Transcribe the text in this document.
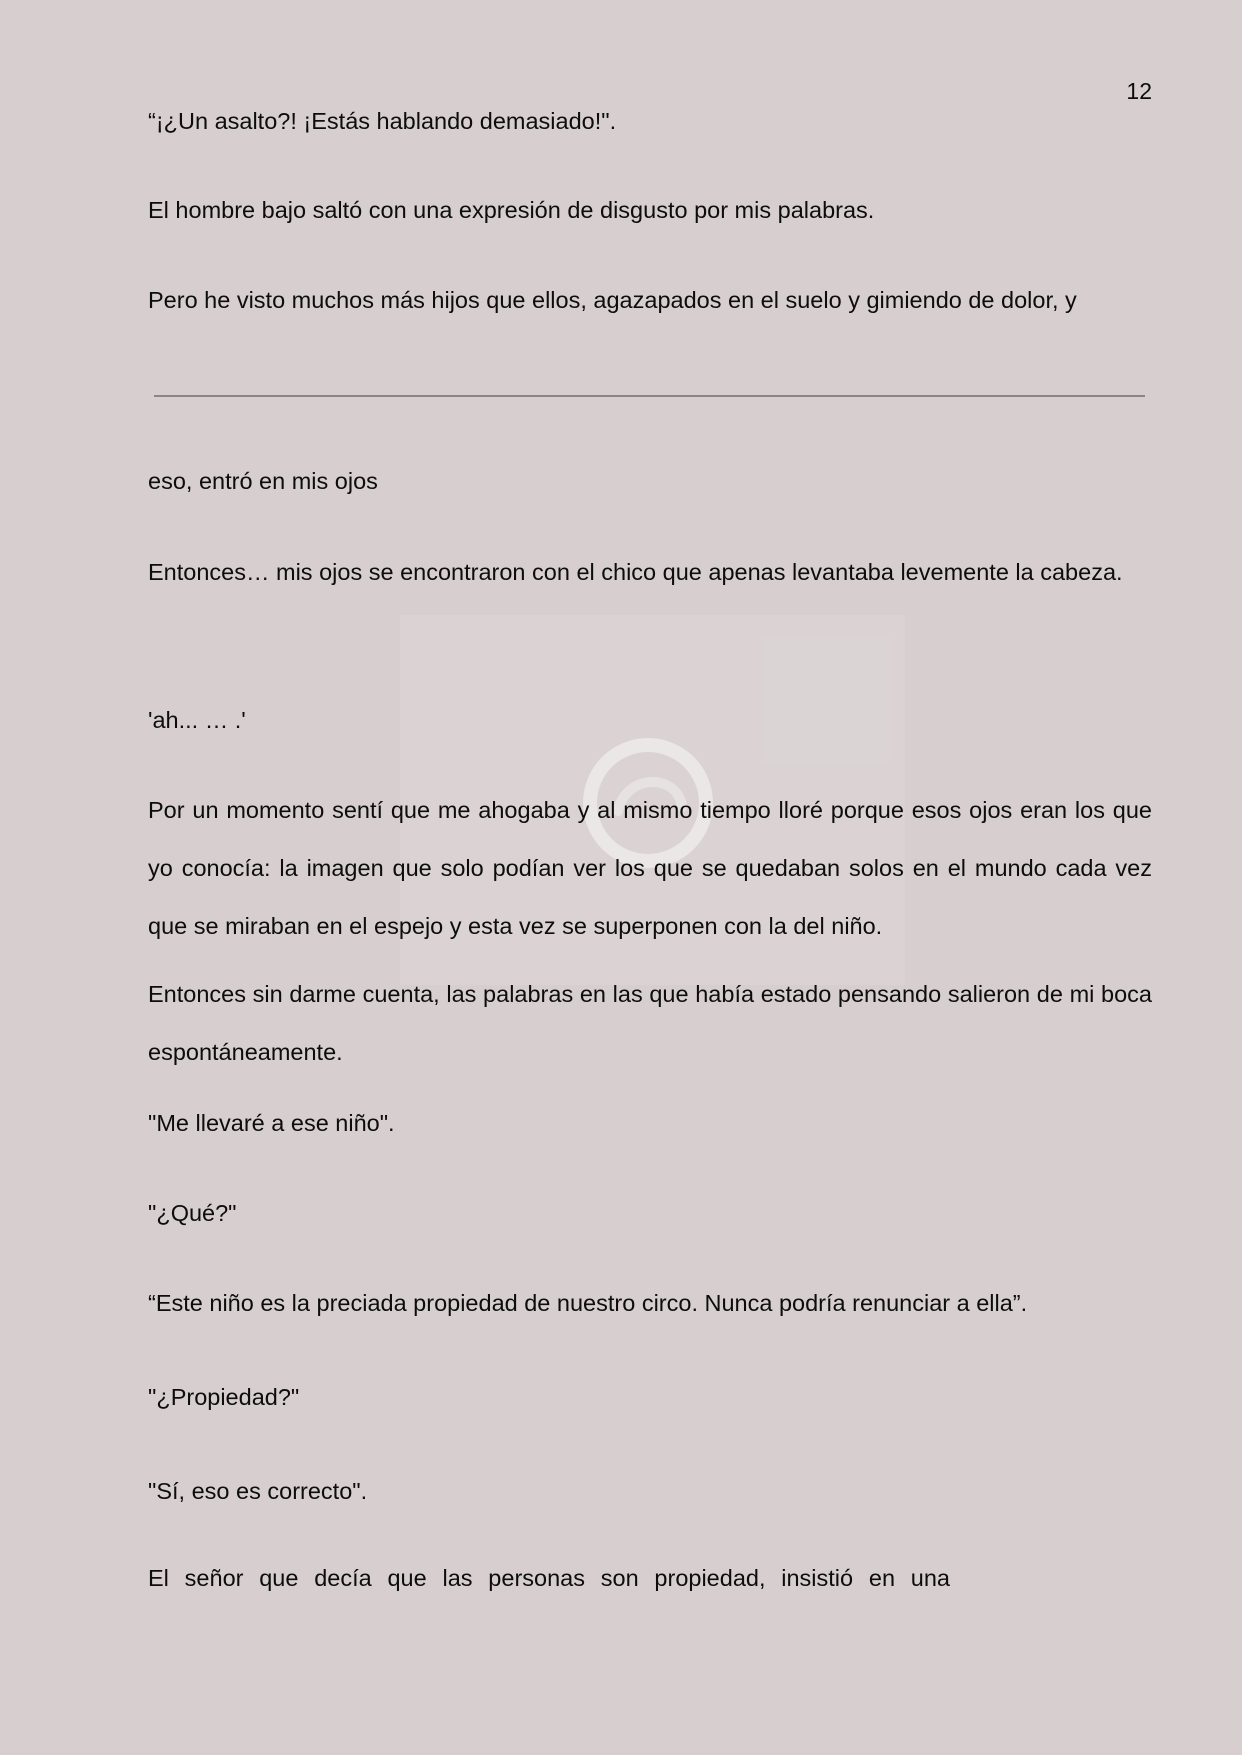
12

“¡¿Un asalto?! ¡Estás hablando demasiado!".

El hombre bajo saltó con una expresión de disgusto por mis palabras.

Pero he visto muchos más hijos que ellos, agazapados en el suelo y gimiendo de dolor, y

eso, entró en mis ojos

Entonces… mis ojos se encontraron con el chico que apenas levantaba levemente la cabeza.

'ah... … .'

Por un momento sentí que me ahogaba y al mismo tiempo lloré porque esos ojos eran los que yo conocía: la imagen que solo podían ver los que se quedaban solos en el mundo cada vez que se miraban en el espejo y esta vez se superponen con la del niño.

Entonces sin darme cuenta, las palabras en las que había estado pensando salieron de mi boca espontáneamente.

"Me llevaré a ese niño".

"¿Qué?"

“Este niño es la preciada propiedad de nuestro circo. Nunca podría renunciar a ella”.

"¿Propiedad?"

"Sí, eso es correcto".

El señor que decía que las personas son propiedad, insistió en una
